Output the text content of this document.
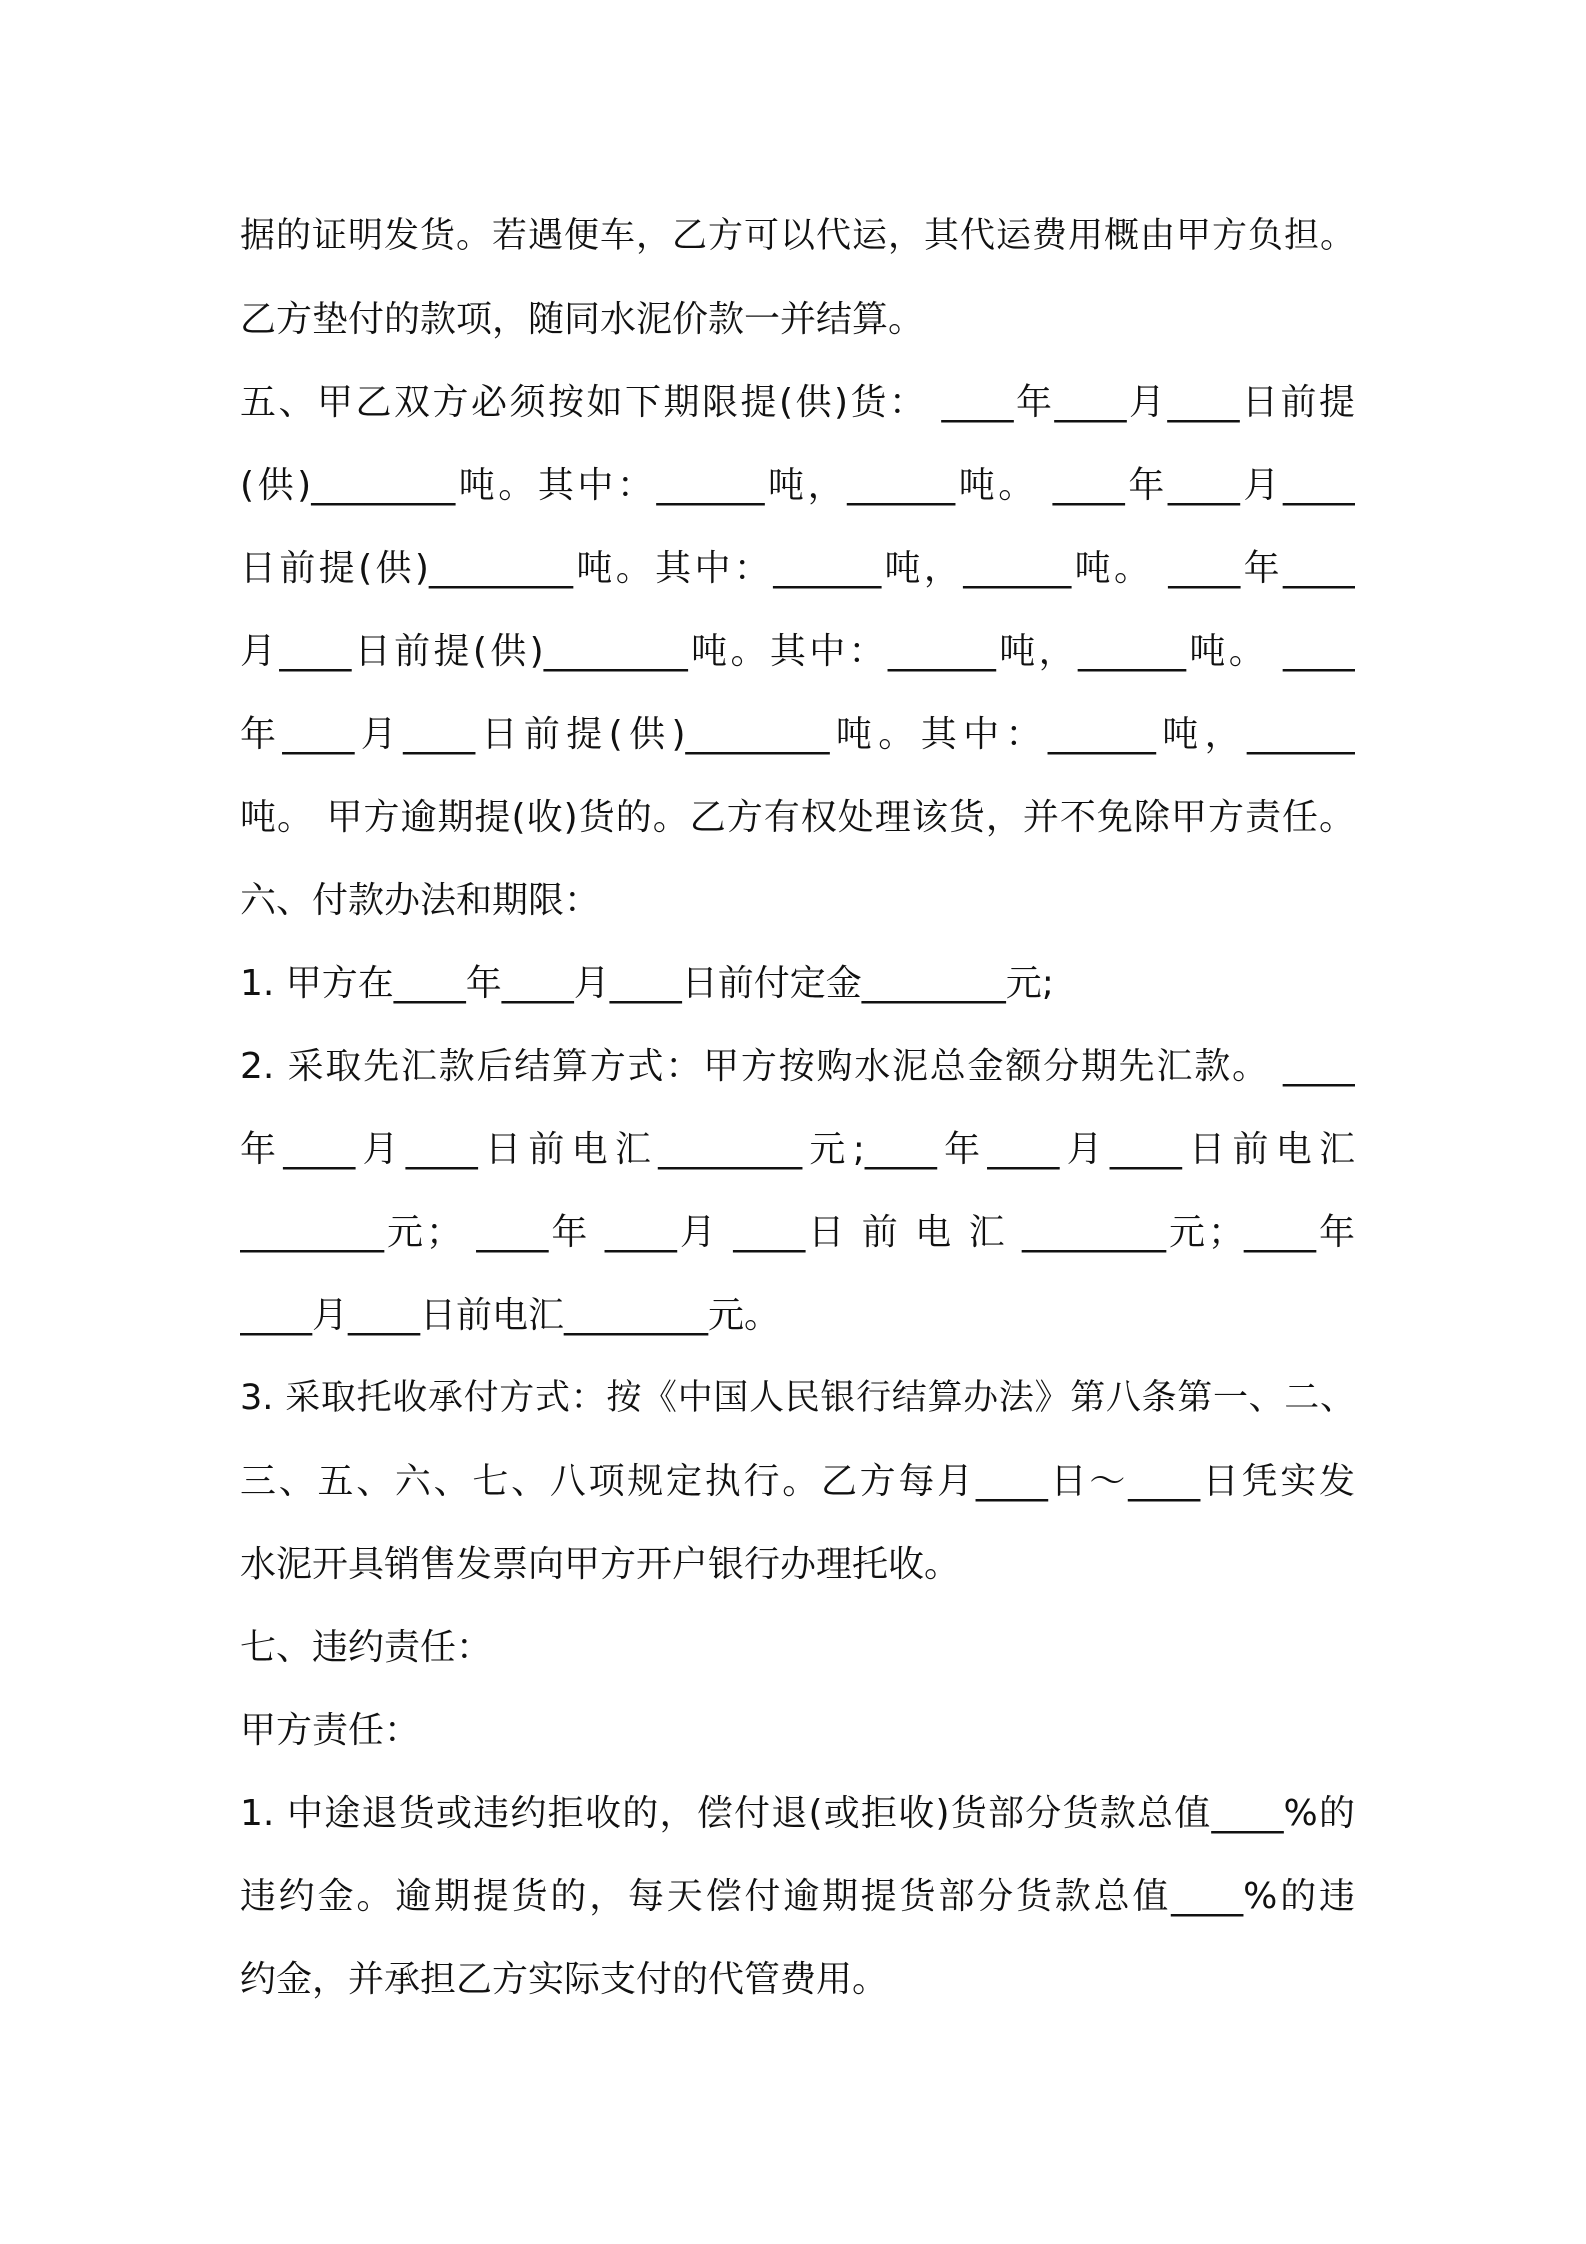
据的证明发货。若遇便车，乙方可以代运，其代运费用概由甲方负担。
乙方垫付的款项，随同水泥价款一并结算。
五、甲乙双方必须按如下期限提(供)货： ____年____月____日前提
(供)________吨。其中：______吨，______吨。 ____年____月____
日前提(供)________吨。其中：______吨，______吨。 ____年____
月____日前提(供)________吨。其中：______吨，______吨。 ____
年____月____日前提(供)________吨。其中：______吨，______
吨。 甲方逾期提(收)货的。乙方有权处理该货，并不免除甲方责任。
六、付款办法和期限：
1. 甲方在____年____月____日前付定金________元;
2. 采取先汇款后结算方式：甲方按购水泥总金额分期先汇款。 ____
年____月____日前电汇________元;____年____月____日前电汇
________元； ____年 ____月 ____日 前 电 汇 ________元；____年
____月____日前电汇________元。
3. 采取托收承付方式：按《中国人民银行结算办法》第八条第一、二、
三、五、六、七、八项规定执行。乙方每月____日～____日凭实发
水泥开具销售发票向甲方开户银行办理托收。
七、违约责任：
甲方责任：
1. 中途退货或违约拒收的，偿付退(或拒收)货部分货款总值____%的
违约金。逾期提货的，每天偿付逾期提货部分货款总值____%的违
约金，并承担乙方实际支付的代管费用。
